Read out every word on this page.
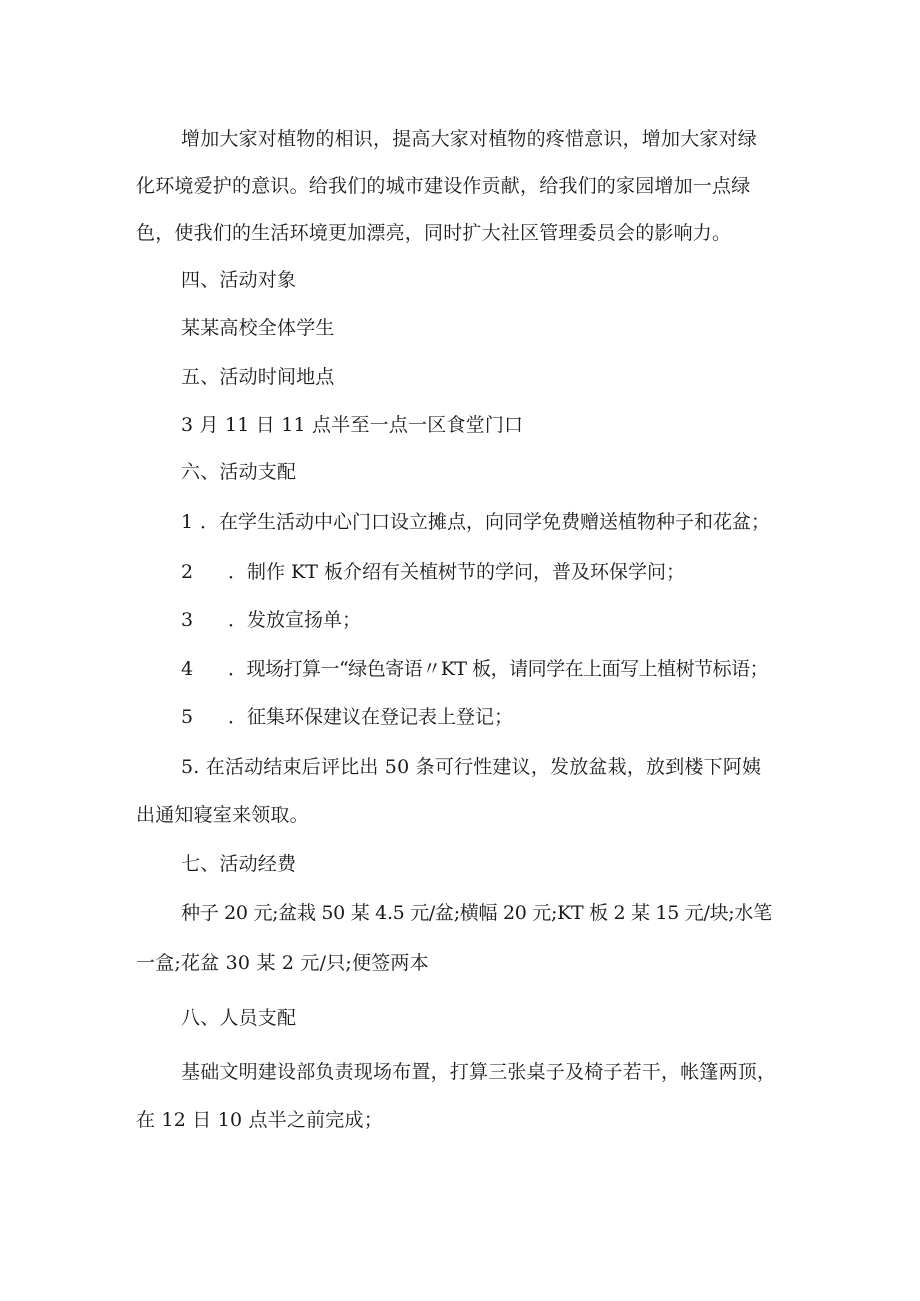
增加大家对植物的相识，提高大家对植物的疼惜意识，增加大家对绿
化环境爱护的意识。给我们的城市建设作贡献，给我们的家园增加一点绿
色，使我们的生活环境更加漂亮，同时扩大社区管理委员会的影响力。
四、活动对象
某某高校全体学生
五、活动时间地点
3 月 11 日 11 点半至一点一区食堂门口
六、活动支配
1 ．在学生活动中心门口设立摊点，向同学免费赠送植物种子和花盆；
2 ．制作 KT 板介绍有关植树节的学问，普及环保学问；
3 ．发放宣扬单；
4 ．现场打算一“绿色寄语〃KT 板，请同学在上面写上植树节标语；
5 ．征集环保建议在登记表上登记；
5. 在活动结束后评比出 50 条可行性建议，发放盆栽，放到楼下阿姨
出通知寝室来领取。
七、活动经费
种子 20 元;盆栽 50 某 4.5 元/盆;横幅 20 元;KT 板 2 某 15 元/块;水笔
一盒;花盆 30 某 2 元/只;便签两本
八、人员支配
基础文明建设部负责现场布置，打算三张桌子及椅子若干，帐篷两顶，
在 12 日 10 点半之前完成；
